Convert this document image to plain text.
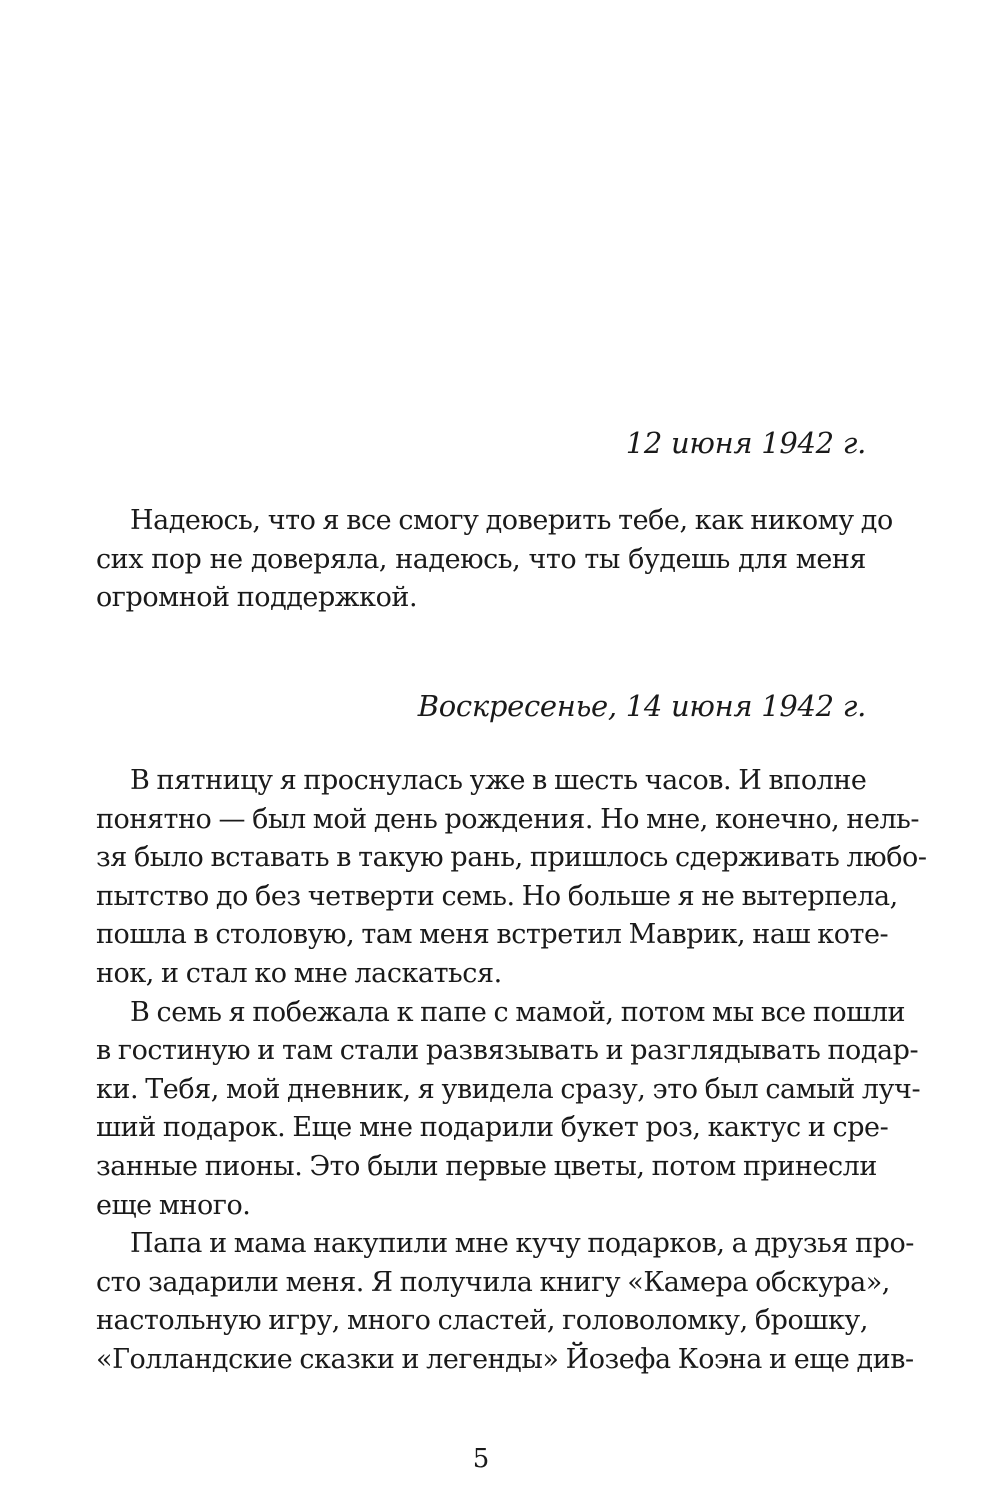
12 июня 1942 г.
Надеюсь, что я все смогу доверить тебе, как никому до
сих пор не доверяла, надеюсь, что ты будешь для меня
огромной поддержкой.
Воскресенье, 14 июня 1942 г.
В пятницу я проснулась уже в шесть часов. И вполне
понятно — был мой день рождения. Но мне, конечно, нель-
зя было вставать в такую рань, пришлось сдерживать любо-
пытство до без четверти семь. Но больше я не вытерпела,
пошла в столовую, там меня встретил Маврик, наш коте-
нок, и стал ко мне ласкаться.
В семь я побежала к папе с мамой, потом мы все пошли
в гостиную и там стали развязывать и разглядывать подар-
ки. Тебя, мой дневник, я увидела сразу, это был самый луч-
ший подарок. Еще мне подарили букет роз, кактус и сре-
занные пионы. Это были первые цветы, потом принесли
еще много.
Папа и мама накупили мне кучу подарков, а друзья про-
сто задарили меня. Я получила книгу «Камера обскура»,
настольную игру, много сластей, головоломку, брошку,
«Голландские сказки и легенды» Йозефа Коэна и еще див-
5
